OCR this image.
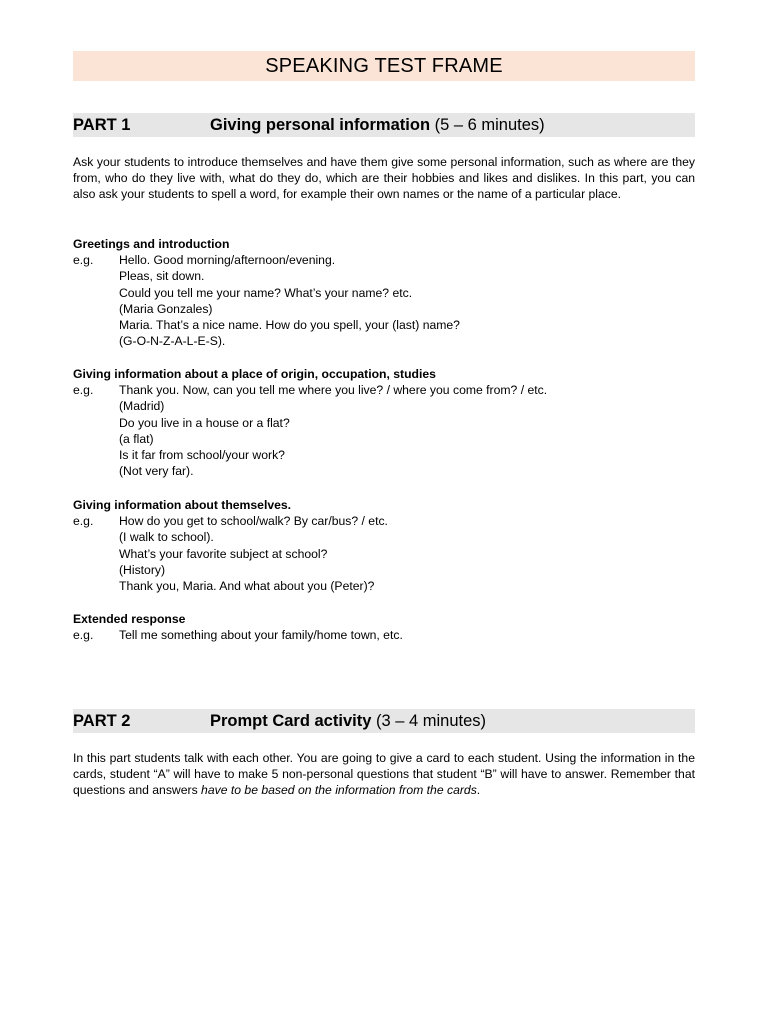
SPEAKING TEST FRAME
PART 1	Giving personal information (5 – 6 minutes)
Ask your students to introduce themselves and have them give some personal information, such as where are they from, who do they live with, what do they do, which are their hobbies and likes and dislikes. In this part, you can also ask your students to spell a word, for example their own names or the name of a particular place.
Greetings and introduction
e.g.	Hello. Good morning/afternoon/evening.
Pleas, sit down.
Could you tell me your name? What’s your name? etc.
(Maria Gonzales)
Maria. That’s a nice name. How do you spell, your (last) name?
(G-O-N-Z-A-L-E-S).
Giving information about a place of origin, occupation, studies
e.g.	Thank you. Now, can you tell me where you live? / where you come from? / etc.
(Madrid)
Do you live in a house or a flat?
(a flat)
Is it far from school/your work?
(Not very far).
Giving information about themselves.
e.g.	How do you get to school/walk? By car/bus? / etc.
(I walk to school).
What’s your favorite subject at school?
(History)
Thank you, Maria. And what about you (Peter)?
Extended response
e.g.	Tell me something about your family/home town, etc.
PART 2	Prompt Card activity (3 – 4 minutes)
In this part students talk with each other. You are going to give a card to each student. Using the information in the cards, student “A” will have to make 5 non-personal questions that student “B” will have to answer. Remember that questions and answers have to be based on the information from the cards.
